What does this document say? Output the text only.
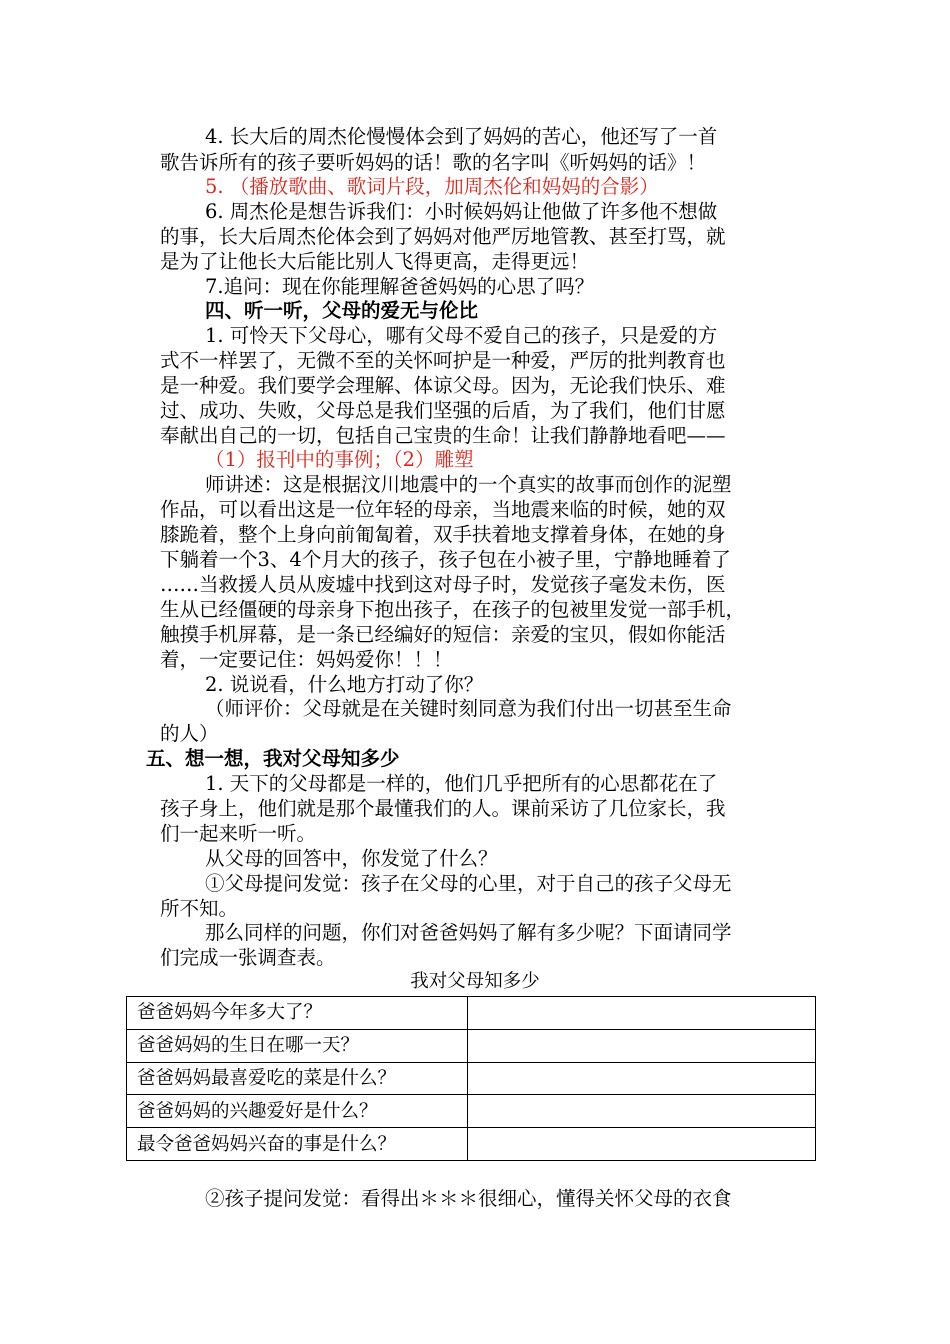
4. 长大后的周杰伦慢慢体会到了妈妈的苦心，他还写了一首
歌告诉所有的孩子要听妈妈的话！歌的名字叫《听妈妈的话》！
5. （播放歌曲、歌词片段，加周杰伦和妈妈的合影）
6. 周杰伦是想告诉我们：小时候妈妈让他做了许多他不想做
的事，长大后周杰伦体会到了妈妈对他严厉地管教、甚至打骂，就
是为了让他长大后能比别人飞得更高，走得更远！
7.追问：现在你能理解爸爸妈妈的心思了吗？
四、听一听，父母的爱无与伦比
1. 可怜天下父母心，哪有父母不爱自己的孩子，只是爱的方
式不一样罢了，无微不至的关怀呵护是一种爱，严厉的批判教育也
是一种爱。我们要学会理解、体谅父母。因为，无论我们快乐、难
过、成功、失败，父母总是我们坚强的后盾，为了我们，他们甘愿
奉献出自己的一切，包括自己宝贵的生命！让我们静静地看吧——
（1）报刊中的事例；（2）雕塑
师讲述：这是根据汶川地震中的一个真实的故事而创作的泥塑
作品，可以看出这是一位年轻的母亲，当地震来临的时候，她的双
膝跪着，整个上身向前匍匐着，双手扶着地支撑着身体，在她的身
下躺着一个3、4个月大的孩子，孩子包在小被子里，宁静地睡着了
……当救援人员从废墟中找到这对母子时，发觉孩子毫发未伤，医
生从已经僵硬的母亲身下抱出孩子，在孩子的包被里发觉一部手机，
触摸手机屏幕，是一条已经编好的短信：亲爱的宝贝，假如你能活
着，一定要记住：妈妈爱你！！！
2. 说说看，什么地方打动了你？
（师评价：父母就是在关键时刻同意为我们付出一切甚至生命
的人）
五、想一想，我对父母知多少
1. 天下的父母都是一样的，他们几乎把所有的心思都花在了
孩子身上，他们就是那个最懂我们的人。课前采访了几位家长，我
们一起来听一听。
从父母的回答中，你发觉了什么？
①父母提问发觉：孩子在父母的心里，对于自己的孩子父母无
所不知。
那么同样的问题，你们对爸爸妈妈了解有多少呢？下面请同学
们完成一张调查表。
我对父母知多少
爸爸妈妈今年多大了？	
爸爸妈妈的生日在哪一天？	
爸爸妈妈最喜爱吃的菜是什么？	
爸爸妈妈的兴趣爱好是什么？	
最令爸爸妈妈兴奋的事是什么？	
②孩子提问发觉：看得出＊＊＊很细心，懂得关怀父母的衣食
